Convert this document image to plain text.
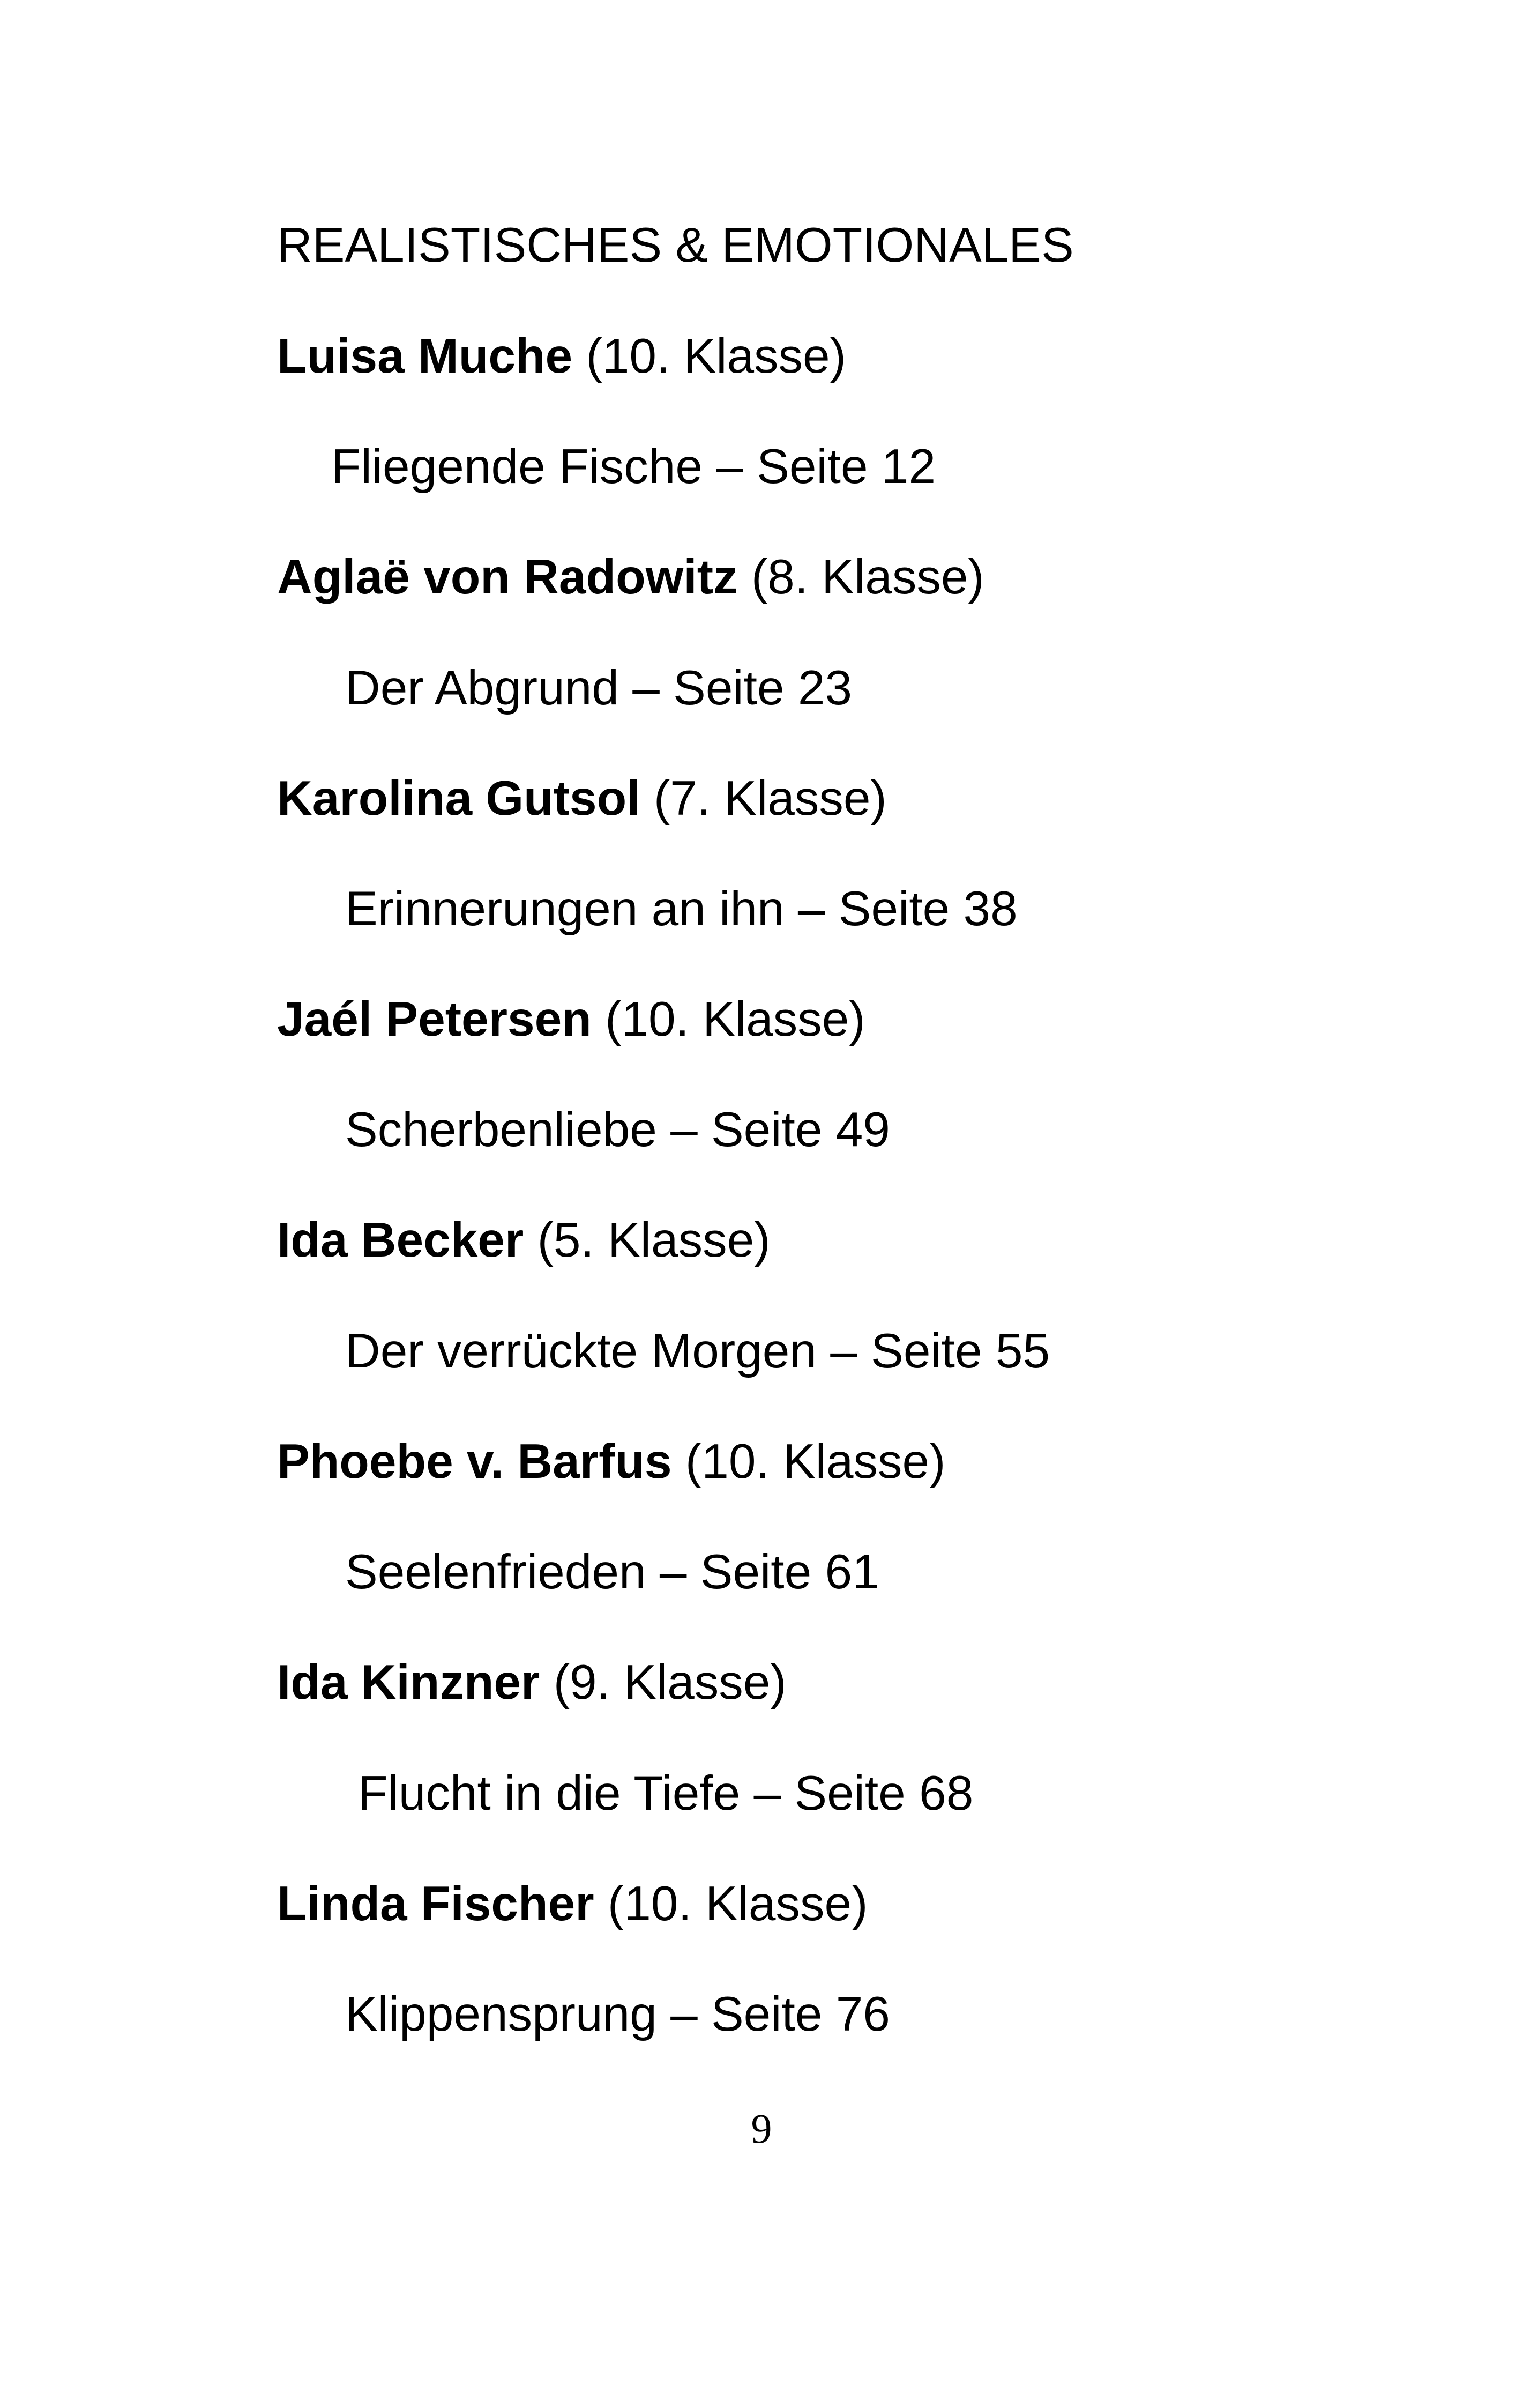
REALISTISCHES & EMOTIONALES
Luisa Muche (10. Klasse)
Fliegende Fische – Seite 12
Aglaë von Radowitz (8. Klasse)
Der Abgrund – Seite 23
Karolina Gutsol (7. Klasse)
Erinnerungen an ihn – Seite 38
Jaél Petersen (10. Klasse)
Scherbenliebe – Seite 49
Ida Becker (5. Klasse)
Der verrückte Morgen – Seite 55
Phoebe v. Barfus (10. Klasse)
Seelenfrieden – Seite 61
Ida Kinzner (9. Klasse)
Flucht in die Tiefe – Seite 68
Linda Fischer (10. Klasse)
Klippensprung – Seite 76
9
